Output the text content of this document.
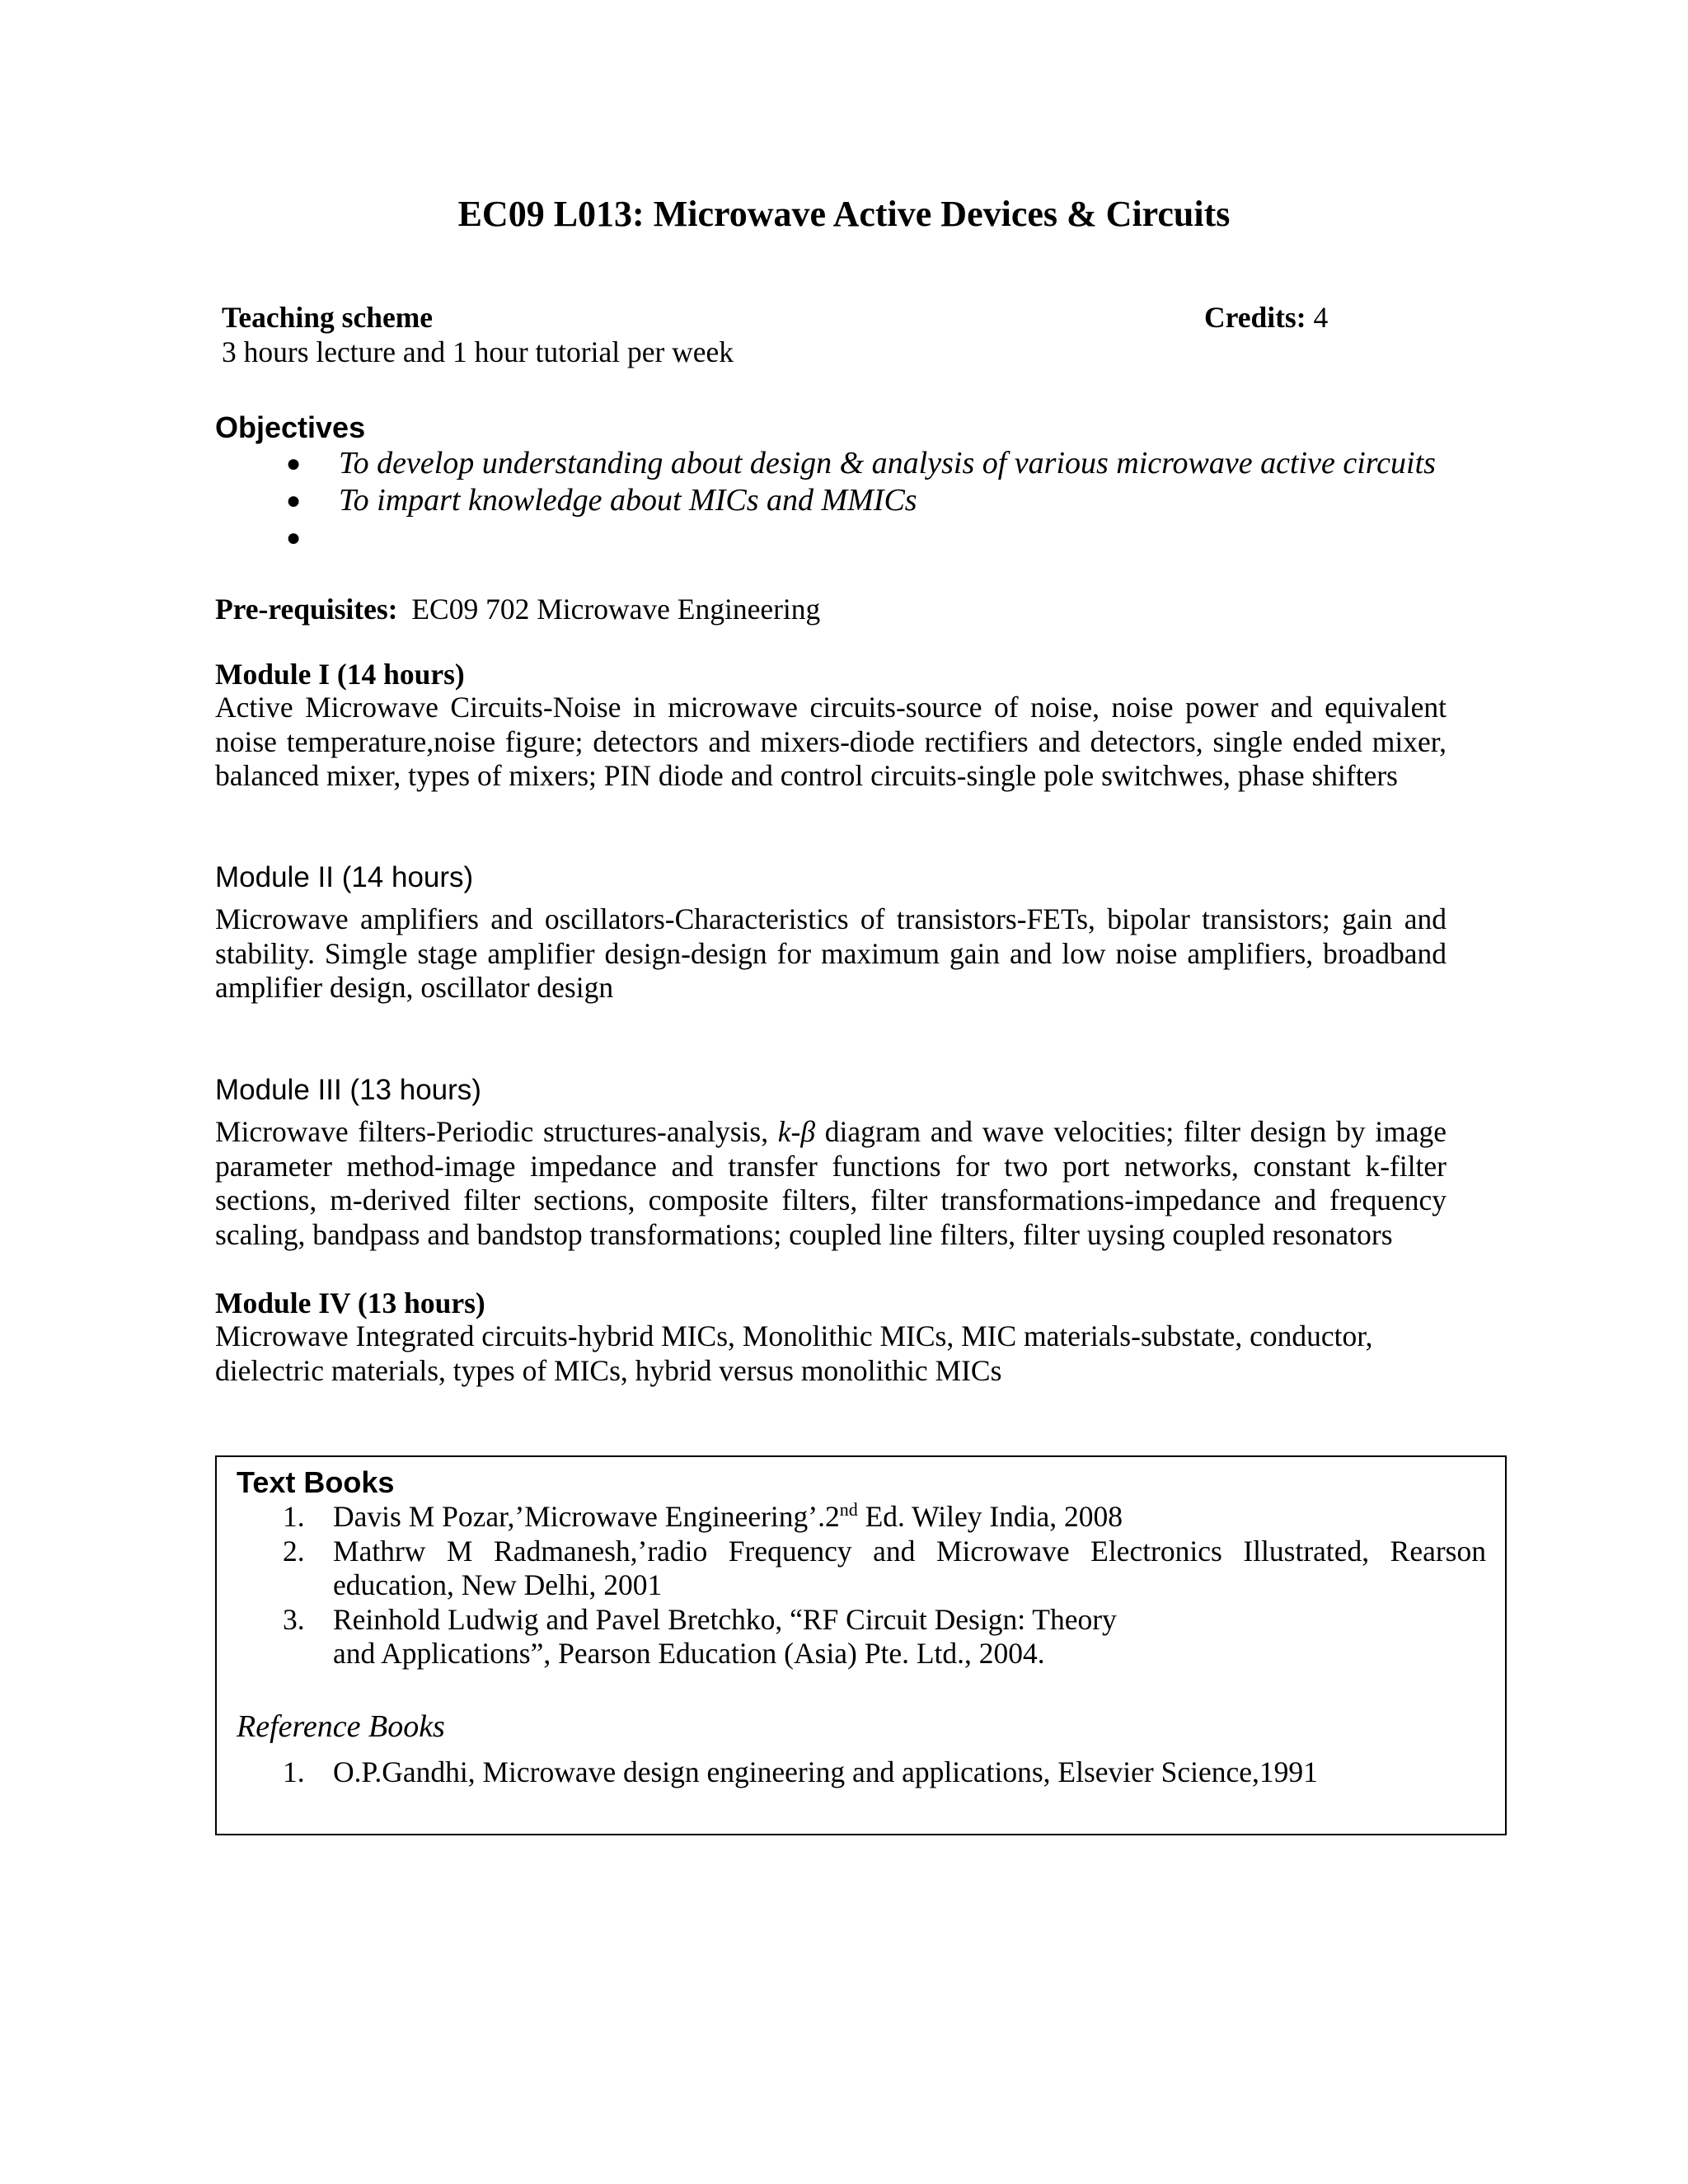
EC09 L013: Microwave Active Devices & Circuits
Teaching scheme	Credits: 4
3 hours lecture and 1 hour tutorial per week
Objectives
● To develop understanding about design & analysis of various microwave active circuits
● To impart knowledge about MICs and MMICs
●
Pre-requisites: EC09 702 Microwave Engineering
Module I (14 hours)
Active Microwave Circuits-Noise in microwave circuits-source of noise, noise power and equivalent noise temperature,noise figure; detectors and mixers-diode rectifiers and detectors, single ended mixer, balanced mixer, types of mixers; PIN diode and control circuits-single pole switchwes, phase shifters
Module II (14 hours)
Microwave amplifiers and oscillators-Characteristics of transistors-FETs, bipolar transistors; gain and stability. Simgle stage amplifier design-design for maximum gain and low noise amplifiers, broadband amplifier design, oscillator design
Module III (13 hours)
Microwave filters-Periodic structures-analysis, k-β diagram and wave velocities; filter design by image parameter method-image impedance and transfer functions for two port networks, constant k-filter sections, m-derived filter sections, composite filters, filter transformations-impedance and frequency scaling, bandpass and bandstop transformations; coupled line filters, filter uysing coupled resonators
Module IV (13 hours)
Microwave Integrated circuits-hybrid MICs, Monolithic MICs, MIC materials-substate, conductor, dielectric materials, types of MICs, hybrid versus monolithic MICs
Text Books
1. Davis M Pozar,’Microwave Engineering’.2nd Ed. Wiley India, 2008
2. Mathrw M Radmanesh,’radio Frequency and Microwave Electronics Illustrated, Rearson education, New Delhi, 2001
3. Reinhold Ludwig and Pavel Bretchko, “RF Circuit Design: Theory
and Applications”, Pearson Education (Asia) Pte. Ltd., 2004.
Reference Books
1. O.P.Gandhi, Microwave design engineering and applications, Elsevier Science,1991
